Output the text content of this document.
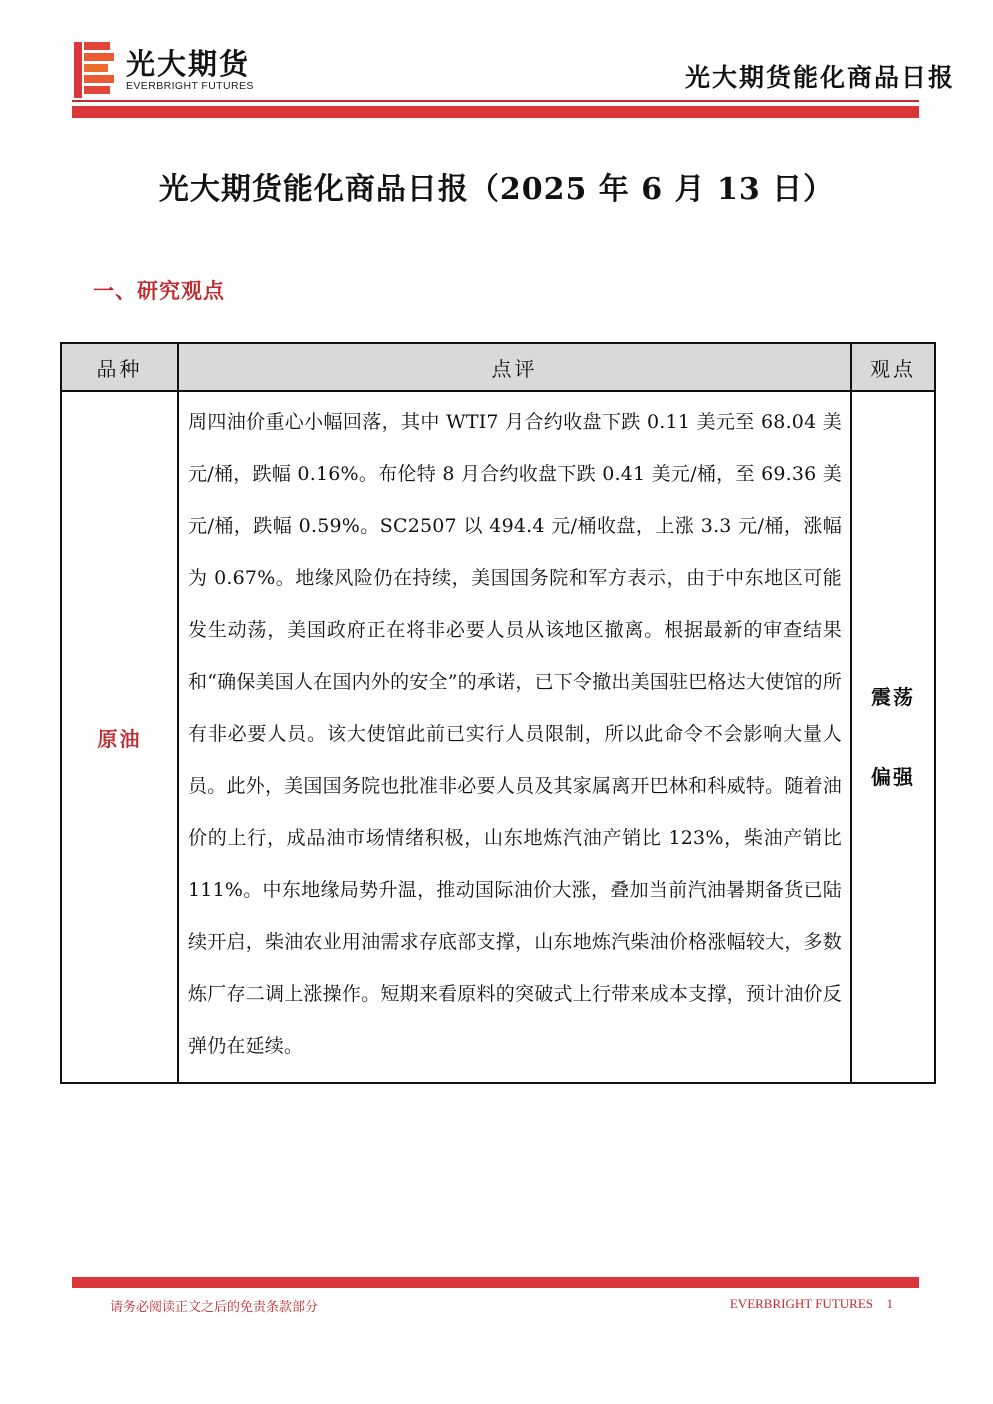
光大期货
EVERBRIGHT FUTURES	光大期货能化商品日报
光大期货能化商品日报（2025 年 6 月 13 日）
一、研究观点
品种	点评	观点
原油	周四油价重心小幅回落，其中 WTI7 月合约收盘下跌 0.11 美元至 68.04 美元/桶，跌幅 0.16%。布伦特 8 月合约收盘下跌 0.41 美元/桶，至 69.36 美元/桶，跌幅 0.59%。SC2507 以 494.4 元/桶收盘，上涨 3.3 元/桶，涨幅为 0.67%。地缘风险仍在持续，美国国务院和军方表示，由于中东地区可能发生动荡，美国政府正在将非必要人员从该地区撤离。根据最新的审查结果和“确保美国人在国内外的安全”的承诺，已下令撤出美国驻巴格达大使馆的所有非必要人员。该大使馆此前已实行人员限制，所以此命令不会影响大量人员。此外，美国国务院也批准非必要人员及其家属离开巴林和科威特。随着油价的上行，成品油市场情绪积极，山东地炼汽油产销比 123%，柴油产销比 111%。中东地缘局势升温，推动国际油价大涨，叠加当前汽油暑期备货已陆续开启，柴油农业用油需求存底部支撑，山东地炼汽柴油价格涨幅较大，多数炼厂存二调上涨操作。短期来看原料的突破式上行带来成本支撑，预计油价反弹仍在延续。	震荡
偏强
请务必阅读正文之后的免责条款部分	EVERBRIGHT FUTURES 1
